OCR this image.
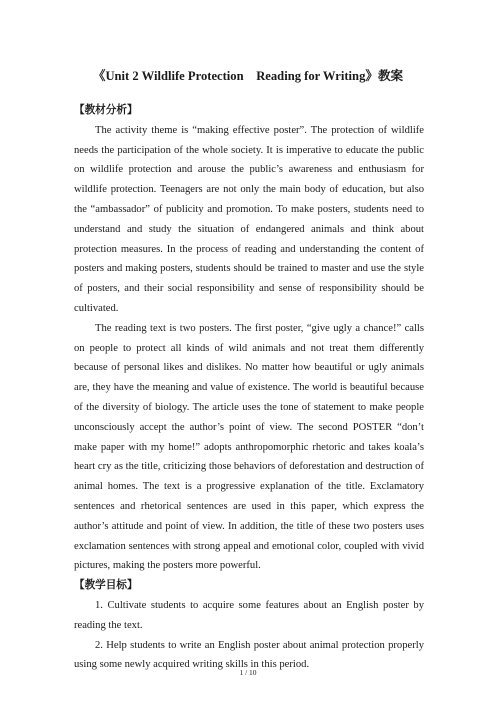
《Unit 2 Wildlife Protection　Reading for Writing》教案
【教材分析】

The activity theme is “making effective poster”. The protection of wildlife needs the participation of the whole society. It is imperative to educate the public on wildlife protection and arouse the public’s awareness and enthusiasm for wildlife protection. Teenagers are not only the main body of education, but also the “ambassador” of publicity and promotion. To make posters, students need to understand and study the situation of endangered animals and think about protection measures. In the process of reading and understanding the content of posters and making posters, students should be trained to master and use the style of posters, and their social responsibility and sense of responsibility should be cultivated.

The reading text is two posters. The first poster, “give ugly a chance!” calls on people to protect all kinds of wild animals and not treat them differently because of personal likes and dislikes. No matter how beautiful or ugly animals are, they have the meaning and value of existence. The world is beautiful because of the diversity of biology. The article uses the tone of statement to make people unconsciously accept the author’s point of view. The second POSTER “don’t make paper with my home!” adopts anthropomorphic rhetoric and takes koala’s heart cry as the title, criticizing those behaviors of deforestation and destruction of animal homes. The text is a progressive explanation of the title. Exclamatory sentences and rhetorical sentences are used in this paper, which express the author’s attitude and point of view. In addition, the title of these two posters uses exclamation sentences with strong appeal and emotional color, coupled with vivid pictures, making the posters more powerful.

【教学目标】

1. Cultivate students to acquire some features about an English poster by reading the text.

2. Help students to write an English poster about animal protection properly using some newly acquired writing skills in this period.

1 / 10
